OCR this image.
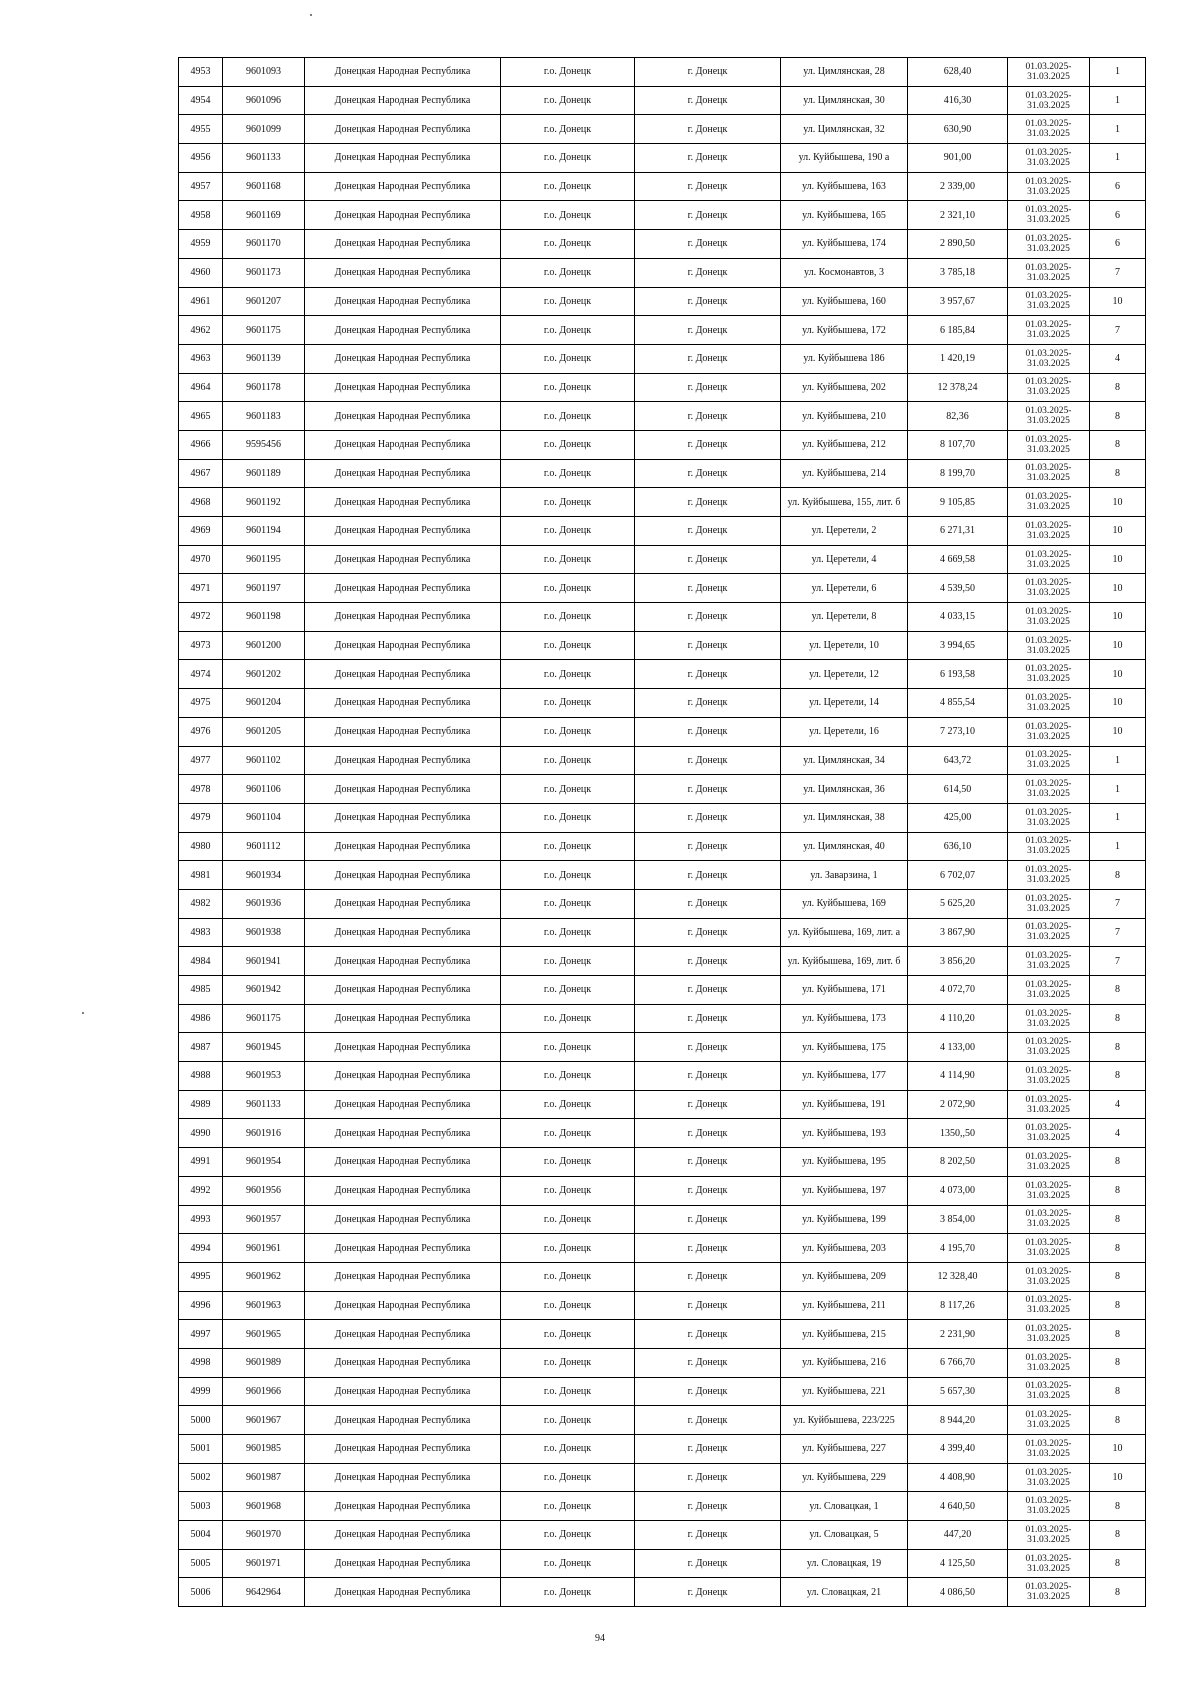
4953	9601093	Донецкая Народная Республика	г.о. Донецк	г. Донецк	ул. Цимлянская, 28	628,40	01.03.2025-31.03.2025	1
4954	9601096	Донецкая Народная Республика	г.о. Донецк	г. Донецк	ул. Цимлянская, 30	416,30	01.03.2025-31.03.2025	1
4955	9601099	Донецкая Народная Республика	г.о. Донецк	г. Донецк	ул. Цимлянская, 32	630,90	01.03.2025-31.03.2025	1
4956	9601133	Донецкая Народная Республика	г.о. Донецк	г. Донецк	ул. Куйбышева, 190 а	901,00	01.03.2025-31.03.2025	1
4957	9601168	Донецкая Народная Республика	г.о. Донецк	г. Донецк	ул. Куйбышева, 163	2 339,00	01.03.2025-31.03.2025	6
4958	9601169	Донецкая Народная Республика	г.о. Донецк	г. Донецк	ул. Куйбышева, 165	2 321,10	01.03.2025-31.03.2025	6
4959	9601170	Донецкая Народная Республика	г.о. Донецк	г. Донецк	ул. Куйбышева, 174	2 890,50	01.03.2025-31.03.2025	6
4960	9601173	Донецкая Народная Республика	г.о. Донецк	г. Донецк	ул. Космонавтов, 3	3 785,18	01.03.2025-31.03.2025	7
4961	9601207	Донецкая Народная Республика	г.о. Донецк	г. Донецк	ул. Куйбышева, 160	3 957,67	01.03.2025-31.03.2025	10
4962	9601175	Донецкая Народная Республика	г.о. Донецк	г. Донецк	ул. Куйбышева, 172	6 185,84	01.03.2025-31.03.2025	7
4963	9601139	Донецкая Народная Республика	г.о. Донецк	г. Донецк	ул. Куйбышева 186	1 420,19	01.03.2025-31.03.2025	4
4964	9601178	Донецкая Народная Республика	г.о. Донецк	г. Донецк	ул. Куйбышева, 202	12 378,24	01.03.2025-31.03.2025	8
4965	9601183	Донецкая Народная Республика	г.о. Донецк	г. Донецк	ул. Куйбышева, 210	82,36	01.03.2025-31.03.2025	8
4966	9595456	Донецкая Народная Республика	г.о. Донецк	г. Донецк	ул. Куйбышева, 212	8 107,70	01.03.2025-31.03.2025	8
4967	9601189	Донецкая Народная Республика	г.о. Донецк	г. Донецк	ул. Куйбышева, 214	8 199,70	01.03.2025-31.03.2025	8
4968	9601192	Донецкая Народная Республика	г.о. Донецк	г. Донецк	ул. Куйбышева, 155, лит. б	9 105,85	01.03.2025-31.03.2025	10
4969	9601194	Донецкая Народная Республика	г.о. Донецк	г. Донецк	ул. Церетели, 2	6 271,31	01.03.2025-31.03.2025	10
4970	9601195	Донецкая Народная Республика	г.о. Донецк	г. Донецк	ул. Церетели, 4	4 669,58	01.03.2025-31.03.2025	10
4971	9601197	Донецкая Народная Республика	г.о. Донецк	г. Донецк	ул. Церетели, 6	4 539,50	01.03.2025-31.03.2025	10
4972	9601198	Донецкая Народная Республика	г.о. Донецк	г. Донецк	ул. Церетели, 8	4 033,15	01.03.2025-31.03.2025	10
4973	9601200	Донецкая Народная Республика	г.о. Донецк	г. Донецк	ул. Церетели, 10	3 994,65	01.03.2025-31.03.2025	10
4974	9601202	Донецкая Народная Республика	г.о. Донецк	г. Донецк	ул. Церетели, 12	6 193,58	01.03.2025-31.03.2025	10
4975	9601204	Донецкая Народная Республика	г.о. Донецк	г. Донецк	ул. Церетели, 14	4 855,54	01.03.2025-31.03.2025	10
4976	9601205	Донецкая Народная Республика	г.о. Донецк	г. Донецк	ул. Церетели, 16	7 273,10	01.03.2025-31.03.2025	10
4977	9601102	Донецкая Народная Республика	г.о. Донецк	г. Донецк	ул. Цимлянская, 34	643,72	01.03.2025-31.03.2025	1
4978	9601106	Донецкая Народная Республика	г.о. Донецк	г. Донецк	ул. Цимлянская, 36	614,50	01.03.2025-31.03.2025	1
4979	9601104	Донецкая Народная Республика	г.о. Донецк	г. Донецк	ул. Цимлянская, 38	425,00	01.03.2025-31.03.2025	1
4980	9601112	Донецкая Народная Республика	г.о. Донецк	г. Донецк	ул. Цимлянская, 40	636,10	01.03.2025-31.03.2025	1
4981	9601934	Донецкая Народная Республика	г.о. Донецк	г. Донецк	ул. Заварзина, 1	6 702,07	01.03.2025-31.03.2025	8
4982	9601936	Донецкая Народная Республика	г.о. Донецк	г. Донецк	ул. Куйбышева, 169	5 625,20	01.03.2025-31.03.2025	7
4983	9601938	Донецкая Народная Республика	г.о. Донецк	г. Донецк	ул. Куйбышева, 169, лит. а	3 867,90	01.03.2025-31.03.2025	7
4984	9601941	Донецкая Народная Республика	г.о. Донецк	г. Донецк	ул. Куйбышева, 169, лит. б	3 856,20	01.03.2025-31.03.2025	7
4985	9601942	Донецкая Народная Республика	г.о. Донецк	г. Донецк	ул. Куйбышева, 171	4 072,70	01.03.2025-31.03.2025	8
4986	9601175	Донецкая Народная Республика	г.о. Донецк	г. Донецк	ул. Куйбышева, 173	4 110,20	01.03.2025-31.03.2025	8
4987	9601945	Донецкая Народная Республика	г.о. Донецк	г. Донецк	ул. Куйбышева, 175	4 133,00	01.03.2025-31.03.2025	8
4988	9601953	Донецкая Народная Республика	г.о. Донецк	г. Донецк	ул. Куйбышева, 177	4 114,90	01.03.2025-31.03.2025	8
4989	9601133	Донецкая Народная Республика	г.о. Донецк	г. Донецк	ул. Куйбышева, 191	2 072,90	01.03.2025-31.03.2025	4
4990	9601916	Донецкая Народная Республика	г.о. Донецк	г. Донецк	ул. Куйбышева, 193	1350,,50	01.03.2025-31.03.2025	4
4991	9601954	Донецкая Народная Республика	г.о. Донецк	г. Донецк	ул. Куйбышева, 195	8 202,50	01.03.2025-31.03.2025	8
4992	9601956	Донецкая Народная Республика	г.о. Донецк	г. Донецк	ул. Куйбышева, 197	4 073,00	01.03.2025-31.03.2025	8
4993	9601957	Донецкая Народная Республика	г.о. Донецк	г. Донецк	ул. Куйбышева, 199	3 854,00	01.03.2025-31.03.2025	8
4994	9601961	Донецкая Народная Республика	г.о. Донецк	г. Донецк	ул. Куйбышева, 203	4 195,70	01.03.2025-31.03.2025	8
4995	9601962	Донецкая Народная Республика	г.о. Донецк	г. Донецк	ул. Куйбышева, 209	12 328,40	01.03.2025-31.03.2025	8
4996	9601963	Донецкая Народная Республика	г.о. Донецк	г. Донецк	ул. Куйбышева, 211	8 117,26	01.03.2025-31.03.2025	8
4997	9601965	Донецкая Народная Республика	г.о. Донецк	г. Донецк	ул. Куйбышева, 215	2 231,90	01.03.2025-31.03.2025	8
4998	9601989	Донецкая Народная Республика	г.о. Донецк	г. Донецк	ул. Куйбышева, 216	6 766,70	01.03.2025-31.03.2025	8
4999	9601966	Донецкая Народная Республика	г.о. Донецк	г. Донецк	ул. Куйбышева, 221	5 657,30	01.03.2025-31.03.2025	8
5000	9601967	Донецкая Народная Республика	г.о. Донецк	г. Донецк	ул. Куйбышева, 223/225	8 944,20	01.03.2025-31.03.2025	8
5001	9601985	Донецкая Народная Республика	г.о. Донецк	г. Донецк	ул. Куйбышева, 227	4 399,40	01.03.2025-31.03.2025	10
5002	9601987	Донецкая Народная Республика	г.о. Донецк	г. Донецк	ул. Куйбышева, 229	4 408,90	01.03.2025-31.03.2025	10
5003	9601968	Донецкая Народная Республика	г.о. Донецк	г. Донецк	ул. Словацкая, 1	4 640,50	01.03.2025-31.03.2025	8
5004	9601970	Донецкая Народная Республика	г.о. Донецк	г. Донецк	ул. Словацкая, 5	447,20	01.03.2025-31.03.2025	8
5005	9601971	Донецкая Народная Республика	г.о. Донецк	г. Донецк	ул. Словацкая, 19	4 125,50	01.03.2025-31.03.2025	8
5006	9642964	Донецкая Народная Республика	г.о. Донецк	г. Донецк	ул. Словацкая, 21	4 086,50	01.03.2025-31.03.2025	8
94
